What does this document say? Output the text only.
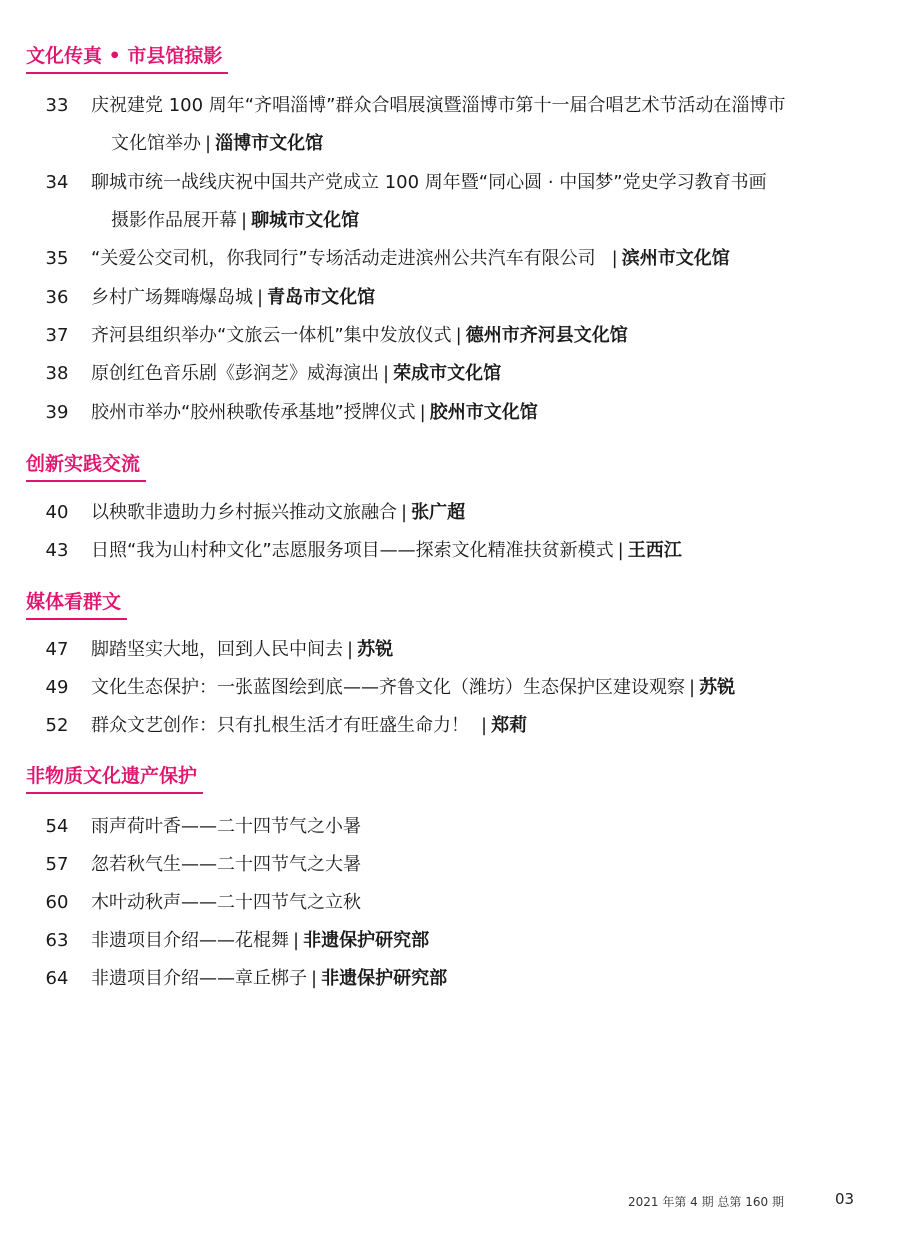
文化传真 • 市县馆掠影
33	庆祝建党 100 周年“齐唱淄博”群众合唱展演暨淄博市第十一届合唱艺术节活动在淄博市
文化馆举办 | 淄博市文化馆
34	聊城市统一战线庆祝中国共产党成立 100 周年暨“同心圆 · 中国梦”党史学习教育书画
摄影作品展开幕 | 聊城市文化馆
35	“关爱公交司机，你我同行”专场活动走进滨州公共汽车有限公司 | 滨州市文化馆
36	乡村广场舞嗨爆岛城 | 青岛市文化馆
37	齐河县组织举办“文旅云一体机”集中发放仪式 | 德州市齐河县文化馆
38	原创红色音乐剧《彭润芝》威海演出 | 荣成市文化馆
39	胶州市举办“胶州秧歌传承基地”授牌仪式 | 胶州市文化馆
创新实践交流
40	以秧歌非遗助力乡村振兴推动文旅融合 | 张广超
43	日照“我为山村种文化”志愿服务项目——探索文化精准扶贫新模式 | 王西江
媒体看群文
47	脚踏坚实大地，回到人民中间去 | 苏锐
49	文化生态保护：一张蓝图绘到底——齐鲁文化（潍坊）生态保护区建设观察 | 苏锐
52	群众文艺创作：只有扎根生活才有旺盛生命力！ | 郑莉
非物质文化遗产保护
54	雨声荷叶香——二十四节气之小暑
57	忽若秋气生——二十四节气之大暑
60	木叶动秋声——二十四节气之立秋
63	非遗项目介绍——花棍舞 | 非遗保护研究部
64	非遗项目介绍——章丘梆子 | 非遗保护研究部
2021 年第 4 期 总第 160 期	03
